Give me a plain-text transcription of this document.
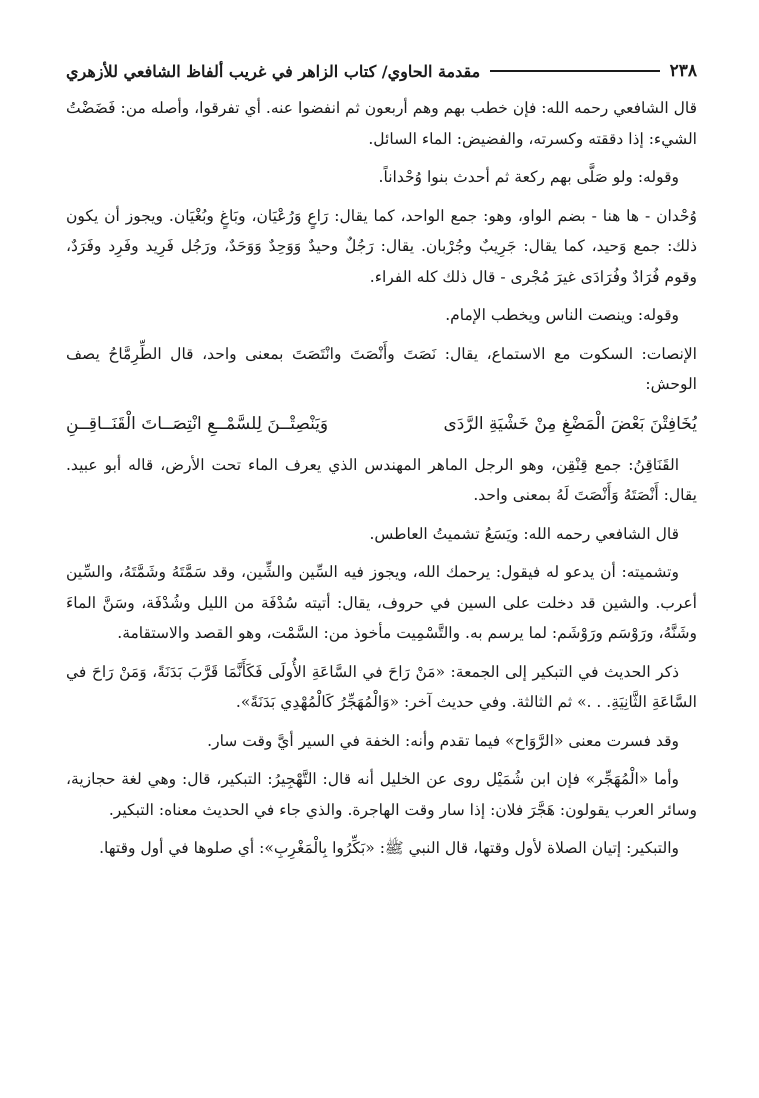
٢٣٨
مقدمة الحاوي/ كتاب الزاهر في غريب ألفاظ الشافعي للأزهري

قال الشافعي رحمه الله: فإن خطب بهم وهم أربعون ثم انفضوا عنه. أي تفرقوا، وأصله من: فَضَضْتُ الشيء: إذا دققته وكسرته، والفضيض: الماء السائل.

وقوله: ولو صَلَّى بهم ركعة ثم أحدث بنوا وُحْداناً.

وُحْدان - ها هنا - بضم الواو، وهو: جمع الواحد، كما يقال: رَاعٍ وَرُعْيَان، وبَاغٍ وبُغْيَان. ويجوز أن يكون ذلك: جمع وَحيد، كما يقال: جَرِيبٌ وجُرْبان. يقال: رَجُلٌ وحيدٌ وَوَحِدٌ وَوَحَدٌ، ورَجُل فَرِيد وفَرِد وفَرَدٌ، وقوم فُرَادٌ وفُرَادَى غيرَ مُجْرى - قال ذلك كله الفراء.

وقوله: وينصت الناس ويخطب الإمام.

الإنصات: السكوت مع الاستماع، يقال: نَصَتَ وأَنْصَتَ وانْتَصَتَ بمعنى واحد، قال الطِّرِمَّاحُ يصف الوحش:

يُخَافِتْنَ بَعْضَ الْمَضْغِ مِنْ خَشْيَةِ الرَّدَى
وَيَنْصِتْــنَ لِلسَّمْــعِ انْتِصَــاتَ الْقَنَــاقِــنِ

القَنَاقِنُ: جمع قِنْقِن، وهو الرجل الماهر المهندس الذي يعرف الماء تحت الأرض، قاله أبو عبيد. يقال: أَنْصَتَهُ وَأَنْصَتَ لَهُ بمعنى واحد.

قال الشافعي رحمه الله: ويَسَعُ تشميتُ العاطس.

وتشميته: أن يدعو له فيقول: يرحمك الله، ويجوز فيه السِّين والشِّين، وقد سَمَّتَهُ وشَمَّتَهُ، والسِّين أعرب. والشين قد دخلت على السين في حروف، يقال: أتيته سُدْفَة من الليل وشُدْفَة، وسَنَّ الماءَ وشَنَّهُ، ورَوْسَم ورَوْشَم: لما يرسم به. والتَّسْمِيت مأخوذ من: السَّمْت، وهو القصد والاستقامة.

ذكر الحديث في التبكير إلى الجمعة: «مَنْ رَاحَ في السَّاعَةِ الأُولَى فَكَأَنَّمَا قَرَّبَ بَدَنَةً، وَمَنْ رَاحَ في السَّاعَةِ الثَّانِيَةِ. . .» ثم الثالثة. وفي حديث آخر: «وَالْمُهَجِّرُ كَالْمُهْدِي بَدَنَةً».

وقد فسرت معنى «الرَّوَاح» فيما تقدم وأنه: الخفة في السير أيَّ وقت سار.

وأما «الْمُهَجِّر» فإن ابن شُمَيْل روى عن الخليل أنه قال: التَّهْجِيرُ: التبكير، قال: وهي لغة حجازية، وسائر العرب يقولون: هَجَّرَ فلان: إذا سار وقت الهاجرة. والذي جاء في الحديث معناه: التبكير.

والتبكير: إتيان الصلاة لأول وقتها، قال النبي ﷺ: «بَكِّرُوا بِالْمَغْرِبِ»: أي صلوها في أول وقتها.
